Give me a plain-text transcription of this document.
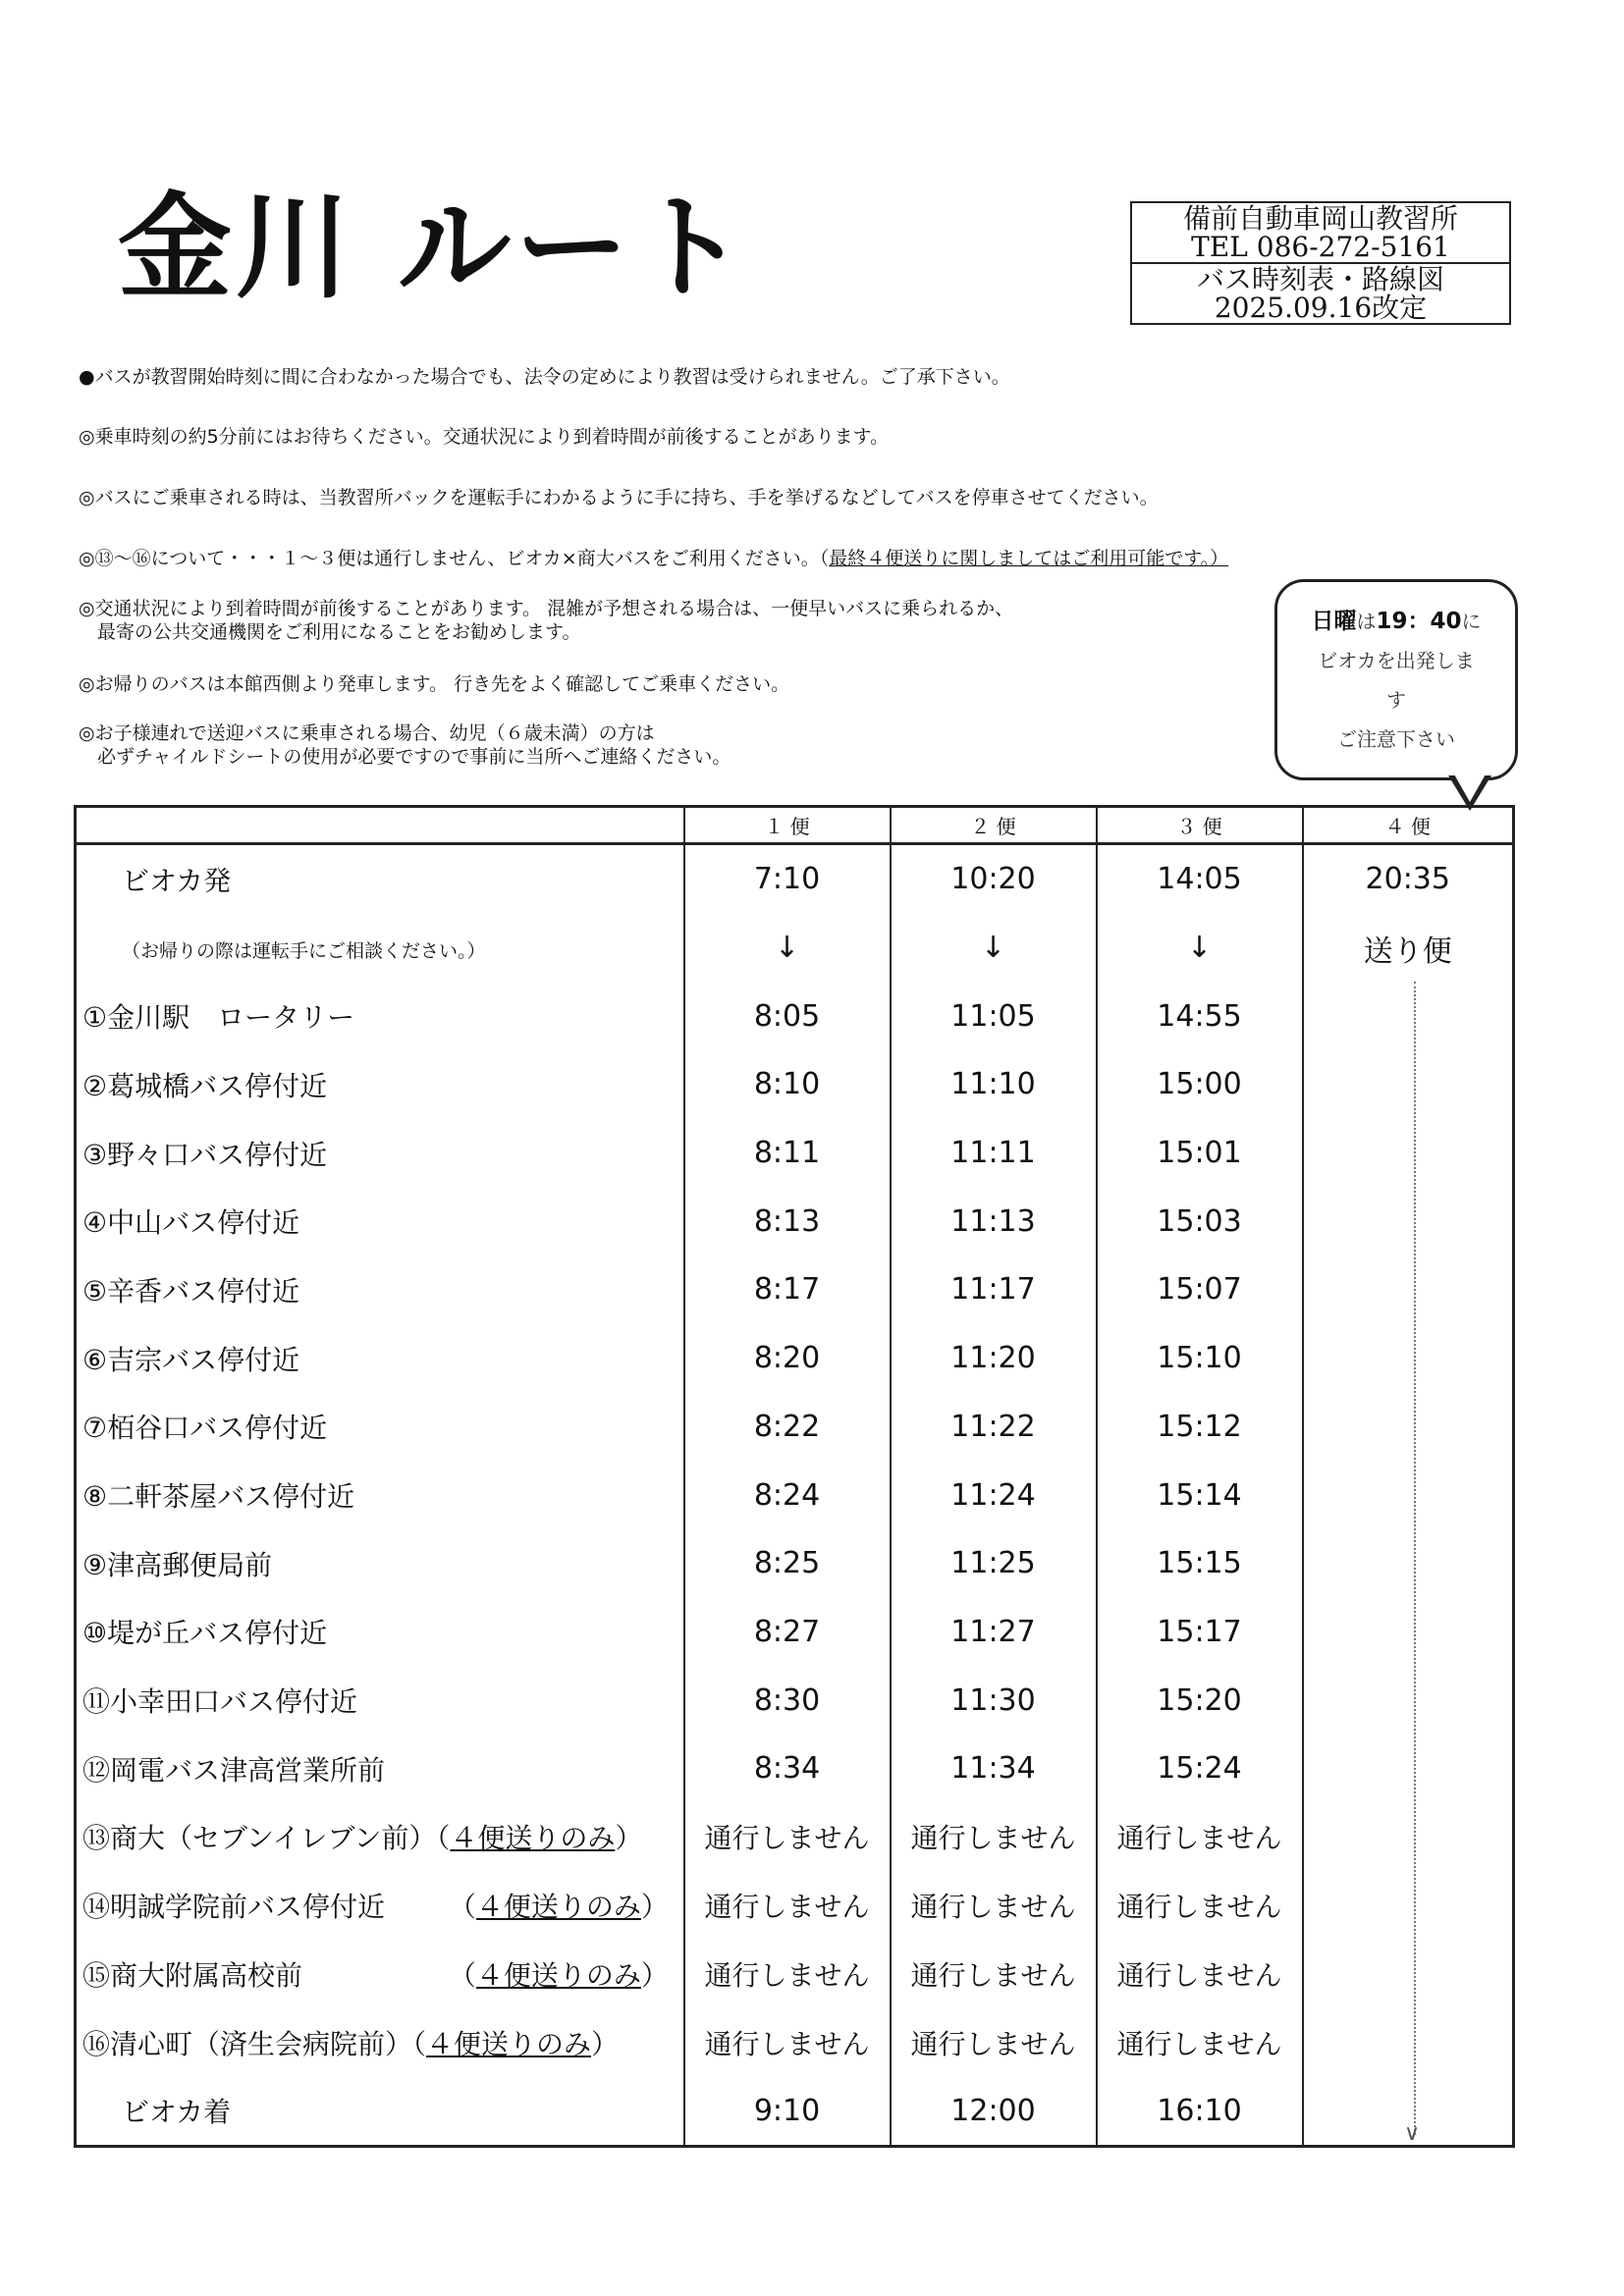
金川 ルート	備前自動車岡山教習所
TEL 086-272-5161
バス時刻表・路線図
2025.09.16改定
●バスが教習開始時刻に間に合わなかった場合でも、法令の定めにより教習は受けられません。ご了承下さい。
◎乗車時刻の約5分前にはお待ちください。交通状況により到着時間が前後することがあります。
◎バスにご乗車される時は、当教習所バックを運転手にわかるように手に持ち、手を挙げるなどしてバスを停車させてください。
◎⑬～⑯について・・・１～３便は通行しません、ビオカ×商大バスをご利用ください。（最終４便送りに関しましてはご利用可能です。）
◎交通状況により到着時間が前後することがあります。 混雑が予想される場合は、一便早いバスに乗られるか、
　最寄の公共交通機関をご利用になることをお勧めします。
◎お帰りのバスは本館西側より発車します。 行き先をよく確認してご乗車ください。
◎お子様連れで送迎バスに乗車される場合、幼児（６歳未満）の方は
　必ずチャイルドシートの使用が必要ですので事前に当所へご連絡ください。
日曜は19：40に
ビオカを出発しま
す
ご注意下さい
	１ 便	２ 便	３ 便	４ 便
ビオカ発	7:10	10:20	14:05	20:35
（お帰りの際は運転手にご相談ください。）	↓	↓	↓	送り便
①金川駅　ロータリー	8:05	11:05	14:55	
②葛城橋バス停付近	8:10	11:10	15:00	
③野々口バス停付近	8:11	11:11	15:01	
④中山バス停付近	8:13	11:13	15:03	
⑤辛香バス停付近	8:17	11:17	15:07	
⑥吉宗バス停付近	8:20	11:20	15:10	
⑦栢谷口バス停付近	8:22	11:22	15:12	
⑧二軒茶屋バス停付近	8:24	11:24	15:14	
⑨津高郵便局前	8:25	11:25	15:15	
⑩堤が丘バス停付近	8:27	11:27	15:17	
⑪小幸田口バス停付近	8:30	11:30	15:20	
⑫岡電バス津高営業所前	8:34	11:34	15:24	
⑬商大（セブンイレブン前）（４便送りのみ）	通行しません	通行しません	通行しません	
⑭明誠学院前バス停付近　　 （４便送りのみ）	通行しません	通行しません	通行しません	
⑮商大附属高校前　　　　　 （４便送りのみ）	通行しません	通行しません	通行しません	
⑯清心町（済生会病院前）（４便送りのみ）	通行しません	通行しません	通行しません	
ビオカ着	9:10	12:00	16:10	
∨
